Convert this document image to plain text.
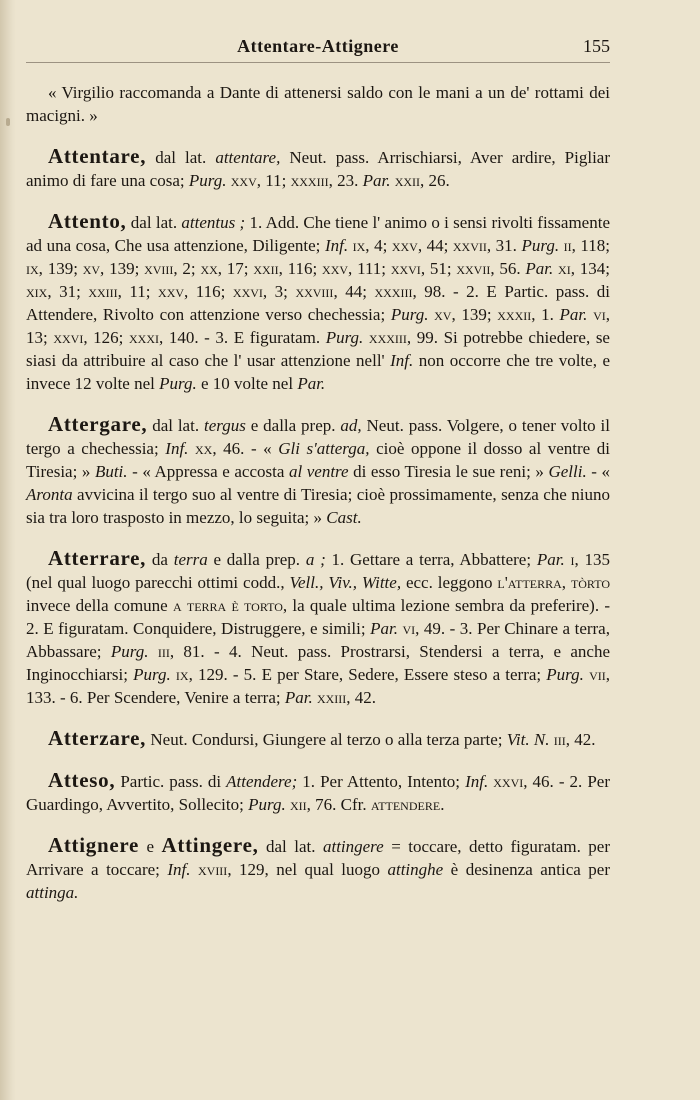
Attentare-Attignere	155

« Virgilio raccomanda a Dante di attenersi saldo con le mani a un de' rottami dei macigni. »

Attentare, dal lat. attentare, Neut. pass. Arrischiarsi, Aver ardire, Pigliar animo di fare una cosa; Purg. xxv, 11; xxxiii, 23. Par. xxii, 26.

Attento, dal lat. attentus ; 1. Add. Che tiene l' animo o i sensi rivolti fissamente ad una cosa, Che usa attenzione, Diligente; Inf. ix, 4; xxv, 44; xxvii, 31. Purg. ii, 118; ix, 139; xv, 139; xviii, 2; xx, 17; xxii, 116; xxv, 111; xxvi, 51; xxvii, 56. Par. xi, 134; xix, 31; xxiii, 11; xxv, 116; xxvi, 3; xxviii, 44; xxxiii, 98. - 2. E Partic. pass. di Attendere, Rivolto con attenzione verso chechessia; Purg. xv, 139; xxxii, 1. Par. vi, 13; xxvi, 126; xxxi, 140. - 3. E figuratam. Purg. xxxiii, 99. Si potrebbe chiedere, se siasi da attribuire al caso che l' usar attenzione nell' Inf. non occorre che tre volte, e invece 12 volte nel Purg. e 10 volte nel Par.

Attergare, dal lat. tergus e dalla prep. ad, Neut. pass. Volgere, o tener volto il tergo a chechessia; Inf. xx, 46. - « Gli s'atterga, cioè oppone il dosso al ventre di Tiresia; » Buti. - « Appressa e accosta al ventre di esso Tiresia le sue reni; » Gelli. - « Aronta avvicina il tergo suo al ventre di Tiresia; cioè prossimamente, senza che niuno sia tra loro trasposto in mezzo, lo seguita; » Cast.

Atterrare, da terra e dalla prep. a ; 1. Gettare a terra, Abbattere; Par. i, 135 (nel qual luogo parecchi ottimi codd., Vell., Viv., Witte, ecc. leggono l'atterra, tòrto invece della comune a terra è torto, la quale ultima lezione sembra da preferire). - 2. E figuratam. Conquidere, Distruggere, e simili; Par. vi, 49. - 3. Per Chinare a terra, Abbassare; Purg. iii, 81. - 4. Neut. pass. Prostrarsi, Stendersi a terra, e anche Inginocchiarsi; Purg. ix, 129. - 5. E per Stare, Sedere, Essere steso a terra; Purg. vii, 133. - 6. Per Scendere, Venire a terra; Par. xxiii, 42.

Atterzare, Neut. Condursi, Giungere al terzo o alla terza parte; Vit. N. iii, 42.

Atteso, Partic. pass. di Attendere; 1. Per Attento, Intento; Inf. xxvi, 46. - 2. Per Guardingo, Avvertito, Sollecito; Purg. xii, 76. Cfr. attendere.

Attignere e Attingere, dal lat. attingere = toccare, detto figuratam. per Arrivare a toccare; Inf. xviii, 129, nel qual luogo attinghe è desinenza antica per attinga.
